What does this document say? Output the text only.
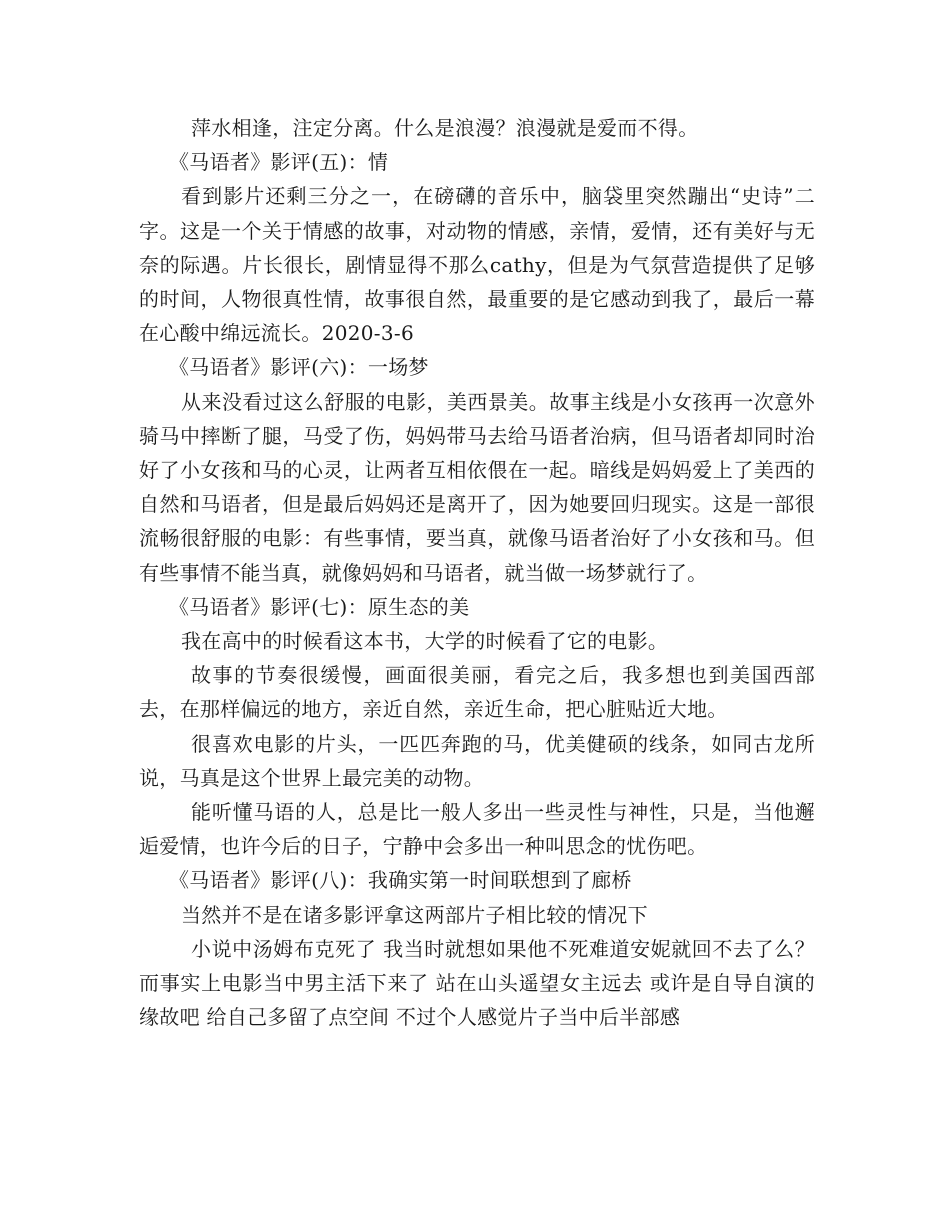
萍水相逢，注定分离。什么是浪漫？浪漫就是爱而不得。

《马语者》影评(五)：情

看到影片还剩三分之一，在磅礴的音乐中，脑袋里突然蹦出“史诗”二字。这是一个关于情感的故事，对动物的情感，亲情，爱情，还有美好与无奈的际遇。片长很长，剧情显得不那么cathy，但是为气氛营造提供了足够的时间，人物很真性情，故事很自然，最重要的是它感动到我了，最后一幕在心酸中绵远流长。2020-3-6

《马语者》影评(六)：一场梦

从来没看过这么舒服的电影，美西景美。故事主线是小女孩再一次意外骑马中摔断了腿，马受了伤，妈妈带马去给马语者治病，但马语者却同时治好了小女孩和马的心灵，让两者互相依偎在一起。暗线是妈妈爱上了美西的自然和马语者，但是最后妈妈还是离开了，因为她要回归现实。这是一部很流畅很舒服的电影：有些事情，要当真，就像马语者治好了小女孩和马。但有些事情不能当真，就像妈妈和马语者，就当做一场梦就行了。

《马语者》影评(七)：原生态的美

我在高中的时候看这本书，大学的时候看了它的电影。

故事的节奏很缓慢，画面很美丽，看完之后，我多想也到美国西部去，在那样偏远的地方，亲近自然，亲近生命，把心脏贴近大地。

很喜欢电影的片头，一匹匹奔跑的马，优美健硕的线条，如同古龙所说，马真是这个世界上最完美的动物。

能听懂马语的人，总是比一般人多出一些灵性与神性，只是，当他邂逅爱情，也许今后的日子，宁静中会多出一种叫思念的忧伤吧。

《马语者》影评(八)：我确实第一时间联想到了廊桥

当然并不是在诸多影评拿这两部片子相比较的情况下

小说中汤姆布克死了 我当时就想如果他不死难道安妮就回不去了么？而事实上电影当中男主活下来了 站在山头遥望女主远去 或许是自导自演的缘故吧 给自己多留了点空间 不过个人感觉片子当中后半部感
